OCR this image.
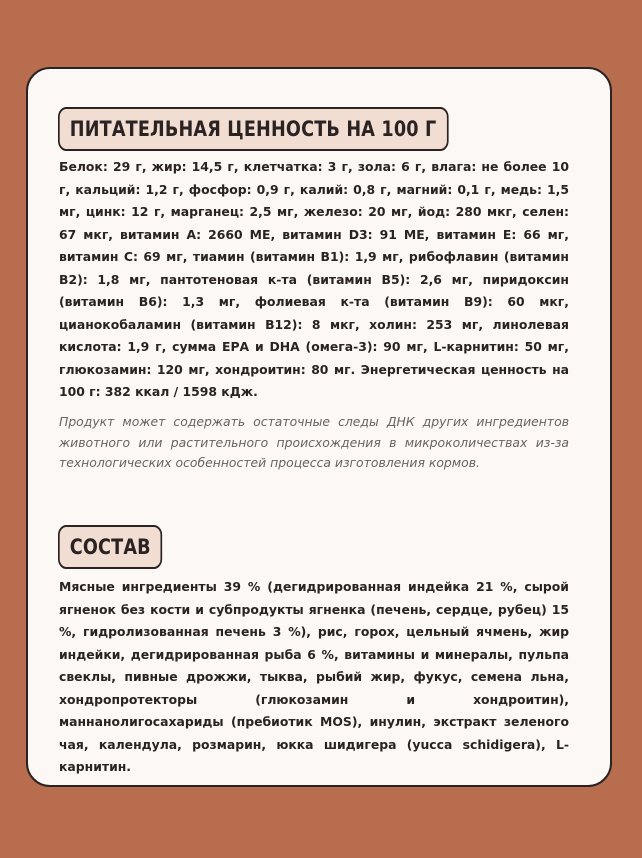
ПИТАТЕЛЬНАЯ ЦЕННОСТЬ НА 100 Г

Белок: 29 г, жир: 14,5 г, клетчатка: 3 г, зола: 6 г, влага: не более 10 г, кальций: 1,2 г, фосфор: 0,9 г, калий: 0,8 г, магний: 0,1 г, медь: 1,5 мг, цинк: 12 г, марганец: 2,5 мг, железо: 20 мг, йод: 280 мкг, селен: 67 мкг, витамин А: 2660 МЕ, витамин D3: 91 МЕ, витамин Е: 66 мг, витамин С: 69 мг, тиамин (витамин В1): 1,9 мг, рибофлавин (витамин В2): 1,8 мг, пантотеновая к-та (витамин В5): 2,6 мг, пиридоксин (витамин В6): 1,3 мг, фолиевая к-та (витамин В9): 60 мкг, цианокобаламин (витамин В12): 8 мкг, холин: 253 мг, линолевая кислота: 1,9 г, сумма ЕРА и DHA (омега-3): 90 мг, L-карнитин: 50 мг, глюкозамин: 120 мг, хондроитин: 80 мг. Энергетическая ценность на 100 г: 382 ккал / 1598 кДж.

Продукт может содержать остаточные следы ДНК других ингредиентов животного или растительного происхождения в микроколичествах из-за технологических особенностей процесса изготовления кормов.

СОСТАВ

Мясные ингредиенты 39 % (дегидрированная индейка 21 %, сырой ягненок без кости и субпродукты ягненка (печень, сердце, рубец) 15 %, гидролизованная печень 3 %), рис, горох, цельный ячмень, жир индейки, дегидрированная рыба 6 %, витамины и минералы, пульпа свеклы, пивные дрожжи, тыква, рыбий жир, фукус, семена льна, хондропротекторы (глюкозамин и хондроитин), маннанолигосахариды (пребиотик MOS), инулин, экстракт зеленого чая, календула, розмарин, юкка шидигера (yucca schidigera), L-карнитин.
